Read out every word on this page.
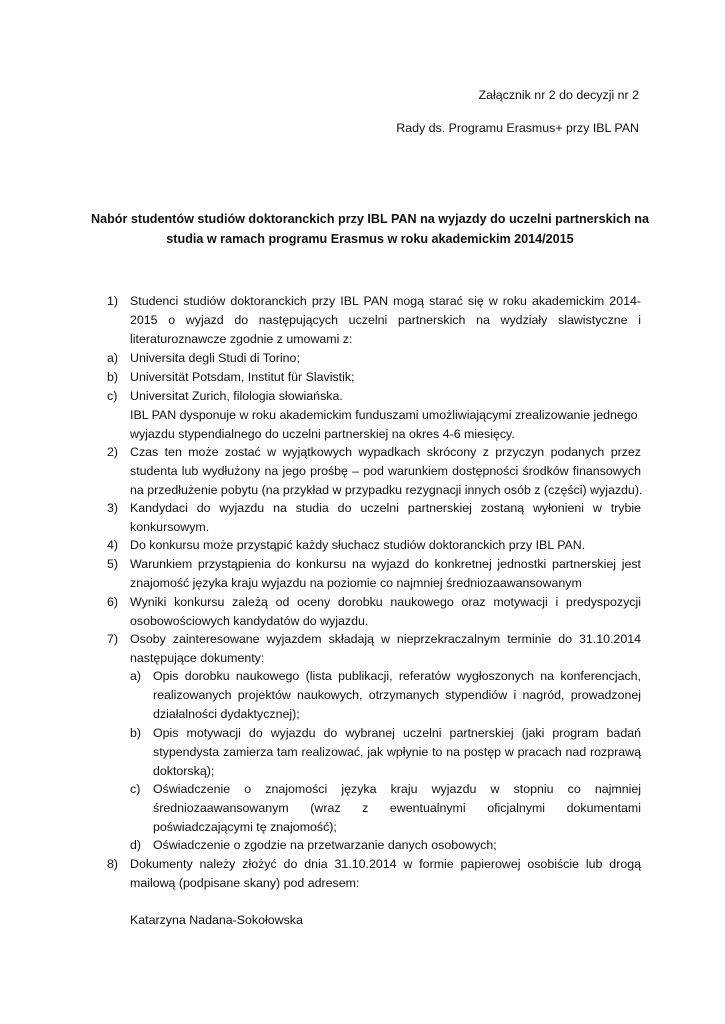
Załącznik nr 2 do decyzji nr 2
Rady ds. Programu Erasmus+ przy IBL PAN
Nabór studentów studiów doktoranckich przy IBL PAN na wyjazdy do uczelni partnerskich na
studia w ramach programu Erasmus w roku akademickim 2014/2015
1) Studenci studiów doktoranckich przy IBL PAN mogą starać się w roku akademickim 2014-
2015 o wyjazd do następujących uczelni partnerskich na wydziały slawistyczne i
literaturoznawcze zgodnie z umowami z:
a) Universita degli Studi di Torino;
b) Universität Potsdam, Institut für Slavistik;
c) Universitat Zurich, filologia słowiańska.
IBL PAN dysponuje w roku akademickim funduszami umożliwiającymi zrealizowanie jednego
wyjazdu stypendialnego do uczelni partnerskiej na okres 4-6 miesięcy.
2) Czas ten może zostać w wyjątkowych wypadkach skrócony z przyczyn podanych przez
studenta lub wydłużony na jego prośbę – pod warunkiem dostępności środków finansowych
na przedłużenie pobytu (na przykład w przypadku rezygnacji innych osób z (części) wyjazdu).
3) Kandydaci do wyjazdu na studia do uczelni partnerskiej zostaną wyłonieni w trybie
konkursowym.
4) Do konkursu może przystąpić każdy słuchacz studiów doktoranckich przy IBL PAN.
5) Warunkiem przystąpienia do konkursu na wyjazd do konkretnej jednostki partnerskiej jest
znajomość języka kraju wyjazdu na poziomie co najmniej średniozaawansowanym
6) Wyniki konkursu zależą od oceny dorobku naukowego oraz motywacji i predyspozycji
osobowościowych kandydatów do wyjazdu.
7) Osoby zainteresowane wyjazdem składają w nieprzekraczalnym terminie do 31.10.2014
następujące dokumenty:
a) Opis dorobku naukowego (lista publikacji, referatów wygłoszonych na konferencjach,
realizowanych projektów naukowych, otrzymanych stypendiów i nagród, prowadzonej
działalności dydaktycznej);
b) Opis motywacji do wyjazdu do wybranej uczelni partnerskiej (jaki program badań
stypendysta zamierza tam realizować, jak wpłynie to na postęp w pracach nad rozprawą
doktorską);
c) Oświadczenie o znajomości języka kraju wyjazdu w stopniu co najmniej
średniozaawansowanym (wraz z ewentualnymi oficjalnymi dokumentami
poświadczającymi tę znajomość);
d) Oświadczenie o zgodzie na przetwarzanie danych osobowych;
8) Dokumenty należy złożyć do dnia 31.10.2014 w formie papierowej osobiście lub drogą
mailową (podpisane skany) pod adresem:
Katarzyna Nadana-Sokołowska
